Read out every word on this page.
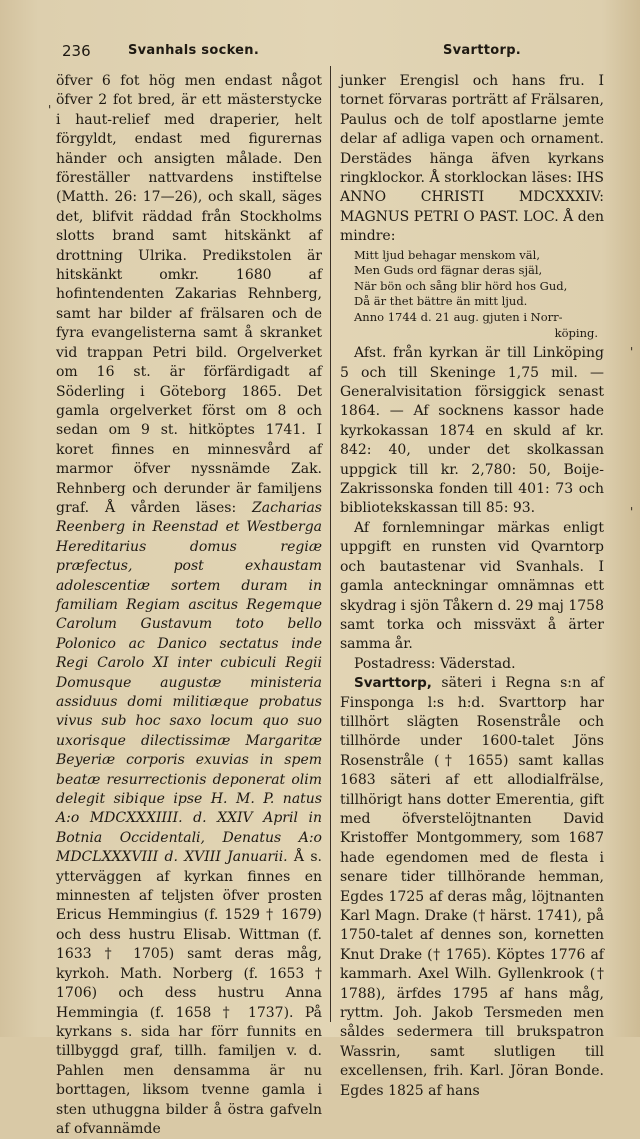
236	Svanhals socken.	Svarttorp.
'
'
'

öfver 6 fot hög men endast något öfver 2 fot bred, är ett mästerstycke i haut-relief med draperier, helt förgyldt, endast med figurernas händer och ansigten målade. Den föreställer nattvardens instiftelse (Matth. 26: 17—26), och skall, säges det, blifvit räddad från Stockholms slotts brand samt hitskänkt af drottning Ulrika. Predikstolen är hitskänkt omkr. 1680 af hofintendenten Zakarias Rehnberg, samt har bilder af frälsaren och de fyra evangelisterna samt å skranket vid trappan Petri bild. Orgelverket om 16 st. är förfärdigadt af Söderling i Göteborg 1865. Det gamla orgelverket först om 8 och sedan om 9 st. hitköptes 1741. I koret finnes en minnesvård af marmor öfver nyssnämde Zak. Rehnberg och derunder är familjens graf. Å vården läses: Zacharias Reenberg in Reenstad et Westberga Hereditarius domus regiæ præfectus, post exhaustam adolescentiæ sortem duram in familiam Regiam ascitus Regemque Carolum Gustavum toto bello Polonico ac Danico sectatus inde Regi Carolo XI inter cubiculi Regii Domusque augustæ ministeria assiduus domi militiæque probatus vivus sub hoc saxo locum quo suo uxorisque dilectissimæ Margaritæ Beyeriæ corporis exuvias in spem beatæ resurrectionis deponerat olim delegit sibique ipse H. M. P. natus A:o MDCXXXIIII. d. XXIV April in Botnia Occidentali, Denatus A:o MDCLXXXVIII d. XVIII Januarii. Å s. ytterväggen af kyrkan finnes en minnesten af teljsten öfver prosten Ericus Hemmingius (f. 1529 † 1679) och dess hustru Elisab. Wittman (f. 1633 † 1705) samt deras måg, kyrkoh. Math. Norberg (f. 1653 † 1706) och dess hustru Anna Hemmingia (f. 1658 † 1737). På kyrkans s. sida har förr funnits en tillbyggd graf, tillh. familjen v. d. Pahlen men densamma är nu borttagen, liksom tvenne gamla i sten uthuggna bilder å östra gafveln af ofvannämde

junker Erengisl och hans fru. I tornet förvaras porträtt af Frälsaren, Paulus och de tolf apostlarne jemte delar af adliga vapen och ornament. Derstädes hänga äfven kyrkans ringklockor. Å storklockan läses: IHS ANNO CHRISTI MDCXXXIV: MAGNUS PETRI O PAST. LOC. Å den mindre:

Mitt ljud behagar menskom väl,
Men Guds ord fägnar deras själ,
När bön och sång blir hörd hos Gud,
Då är thet bättre än mitt ljud.
Anno 1744 d. 21 aug. gjuten i Norr-
köping.

Afst. från kyrkan är till Linköping 5 och till Skeninge 1,75 mil. — Generalvisitation försiggick senast 1864. — Af socknens kassor hade kyrkokassan 1874 en skuld af kr. 842: 40, under det skolkassan uppgick till kr. 2,780: 50, Boije-Zakrissonska fonden till 401: 73 och bibliotekskassan till 85: 93.

Af fornlemningar märkas enligt uppgift en runsten vid Qvarntorp och bautastenar vid Svanhals. I gamla anteckningar omnämnas ett skydrag i sjön Tåkern d. 29 maj 1758 samt torka och missväxt å ärter samma år.

Postadress: Väderstad.

Svarttorp, säteri i Regna s:n af Finsponga l:s h:d. Svarttorp har tillhört slägten Rosenstråle och tillhörde under 1600-talet Jöns Rosenstråle († 1655) samt kallas 1683 säteri af ett allodialfrälse, tillhörigt hans dotter Emerentia, gift med öfverstelöjtnanten David Kristoffer Montgommery, som 1687 hade egendomen med de flesta i senare tider tillhörande hemman, Egdes 1725 af deras måg, löjtnanten Karl Magn. Drake († härst. 1741), på 1750-talet af dennes son, kornetten Knut Drake († 1765). Köptes 1776 af kammarh. Axel Wilh. Gyllenkrook († 1788), ärfdes 1795 af hans måg, ryttm. Joh. Jakob Tersmeden men såldes sedermera till brukspatron Wassrin, samt slutligen till excellensen, frih. Karl. Jöran Bonde. Egdes 1825 af hans
